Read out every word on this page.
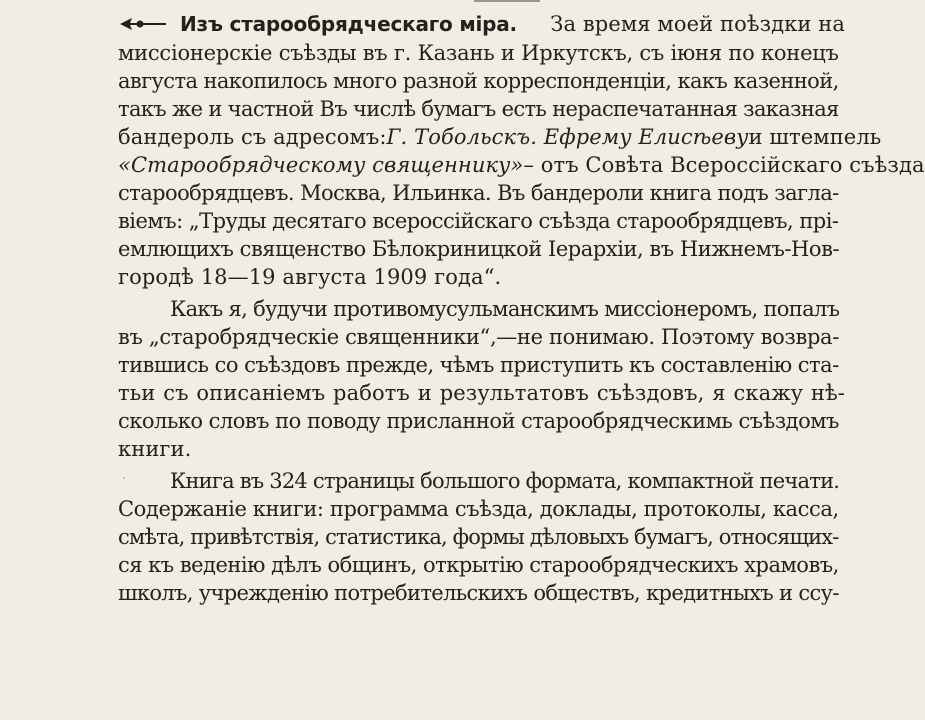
Изъ старообрядческаго міра. За время моей поѣздки на
миссіонерскіе съѣзды въ г. Казань и Иркутскъ, съ іюня по конецъ
августа накопилось много разной корреспонденціи, какъ казенной,
такъ же и частной Въ числѣ бумагъ есть нераспечатанная заказная
бандероль съ адресомъ: Г. Тобольскъ. Ефрему Елисѣеву и штемпель
«Старообрядческому священнику» – отъ Совѣта Всероссійскаго съѣзда
старообрядцевъ. Москва, Ильинка. Въ бандероли книга подъ загла-
віемъ: „Труды десятаго всероссійскаго съѣзда старообрядцевъ, прі-
емлющихъ священство Бѣлокриницкой Іерархіи, въ Нижнемъ-Нов-
городѣ 18—19 августа 1909 года“.
Какъ я, будучи противомусульманскимъ миссіонеромъ, попалъ
въ „старобрядческіе священники“,—не понимаю. Поэтому возвра-
тившись со съѣздовъ прежде, чѣмъ приступить къ составленію ста-
тьи съ описаніемъ работъ и результатовъ съѣздовъ, я скажу нѣ-
сколько словъ по поводу присланной старообрядческимь съѣздомъ
книги.
Книга въ 324 страницы большого формата, компактной печати.
Содержаніе книги: программа съѣзда, доклады, протоколы, касса,
смѣта, привѣтствія, статистика, формы дѣловыхъ бумагъ, относящих-
ся къ веденію дѣлъ общинъ, открытію старообрядческихъ храмовъ,
школъ, учрежденію потребительскихъ обществъ, кредитныхъ и ссу-
